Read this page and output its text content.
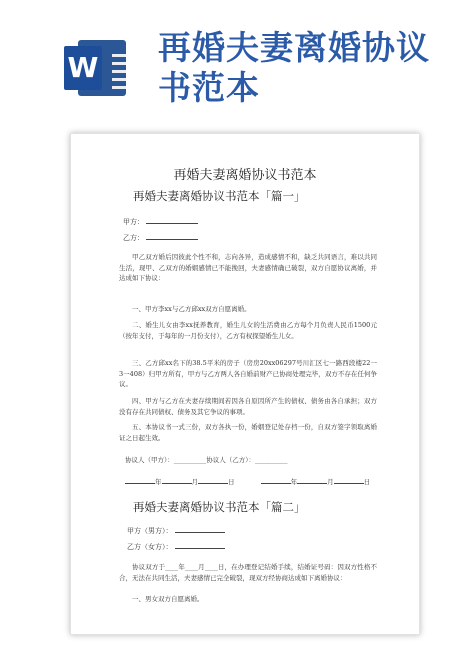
W
再婚夫妻离婚协议书范本
再婚夫妻离婚协议书范本
再婚夫妻离婚协议书范本「篇一」
甲方：
乙方：
甲乙双方婚后因彼此个性不和，志向各异，造成感情不和，缺乏共同语言，难以共同生活，现甲、乙双方的婚姻感情已不能挽回，夫妻感情确已破裂，双方自愿协议离婚，并达成如下协议：
一、甲方李xx与乙方邱xx双方自愿离婚。
二、婚生儿女由李xx抚养教育，婚生儿女的生活费由乙方每个月负责人民币1500元（按年支付，于每年的一月份支付），乙方有权探望婚生儿女。
三、乙方邱xx名下的38.5平米的房子（房房20xx06297号川汇区七一路西段楼22一3一408）归甲方所有，甲方与乙方两人各自婚前财产已协商处理完毕，双方不存在任何争议。
四、甲方与乙方在夫妻存续期间若因各自原因所产生的债权、债务由各自承担；双方没有存在共同债权、债务及其它争议的事项。
五、本协议书一式三份，双方各执一份，婚姻登记处存档一份，自双方签字领取离婚证之日起生效。
协议人（甲方）：__________协议人（乙方）：__________
年	月	日	年	月	日
再婚夫妻离婚协议书范本「篇二」
甲方（男方）：
乙方（女方）：
协议双方于____年____月____日，在办理登记结婚手续，结婚证号码：因双方性格不合，无法在共同生活，夫妻感情已完全破裂，现双方经协商达成如下离婚协议：
一、男女双方自愿离婚。
